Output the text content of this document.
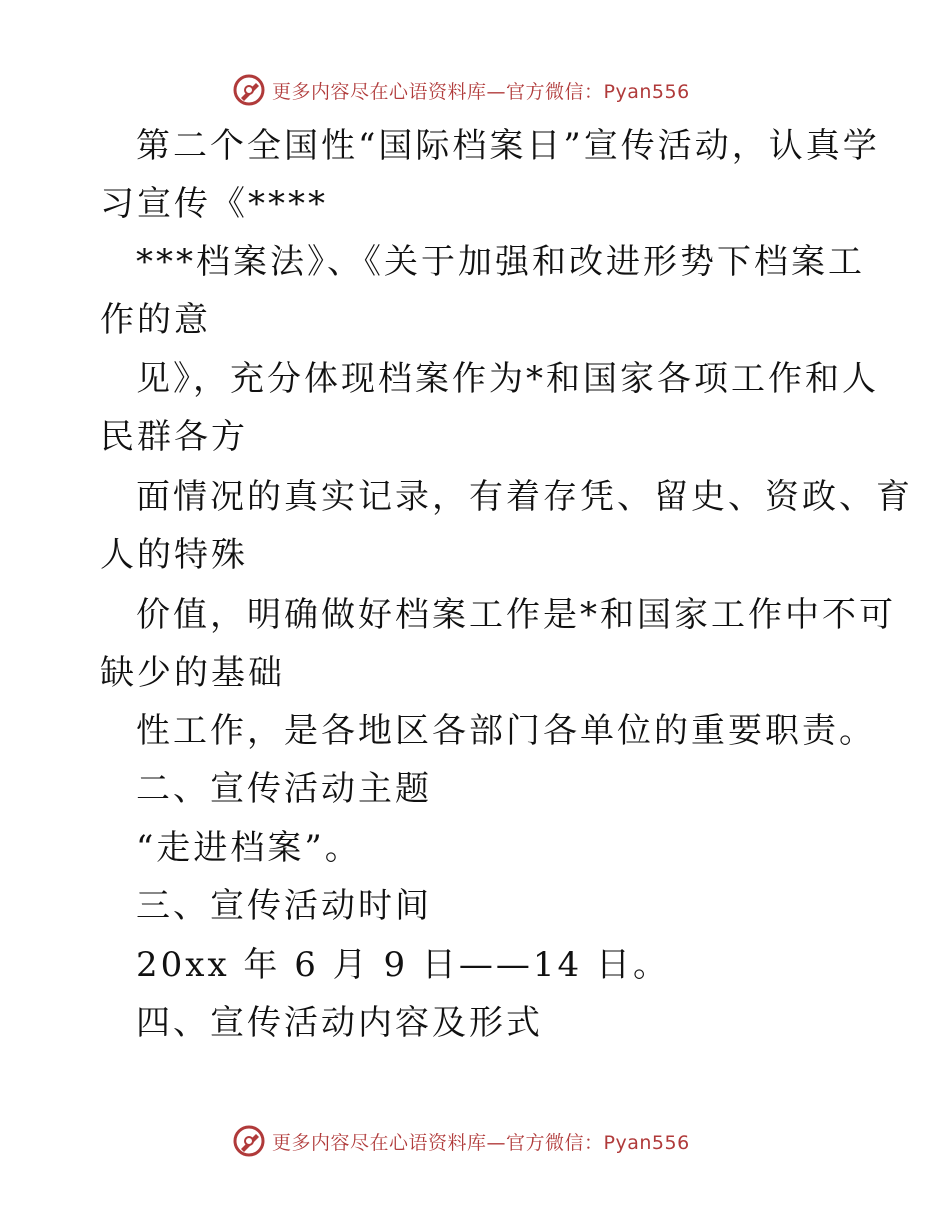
更多内容尽在心语资料库—官方微信：Pyan556
第二个全国性“国际档案日”宣传活动，认真学
习宣传《****
***档案法》、《关于加强和改进形势下档案工
作的意
见》，充分体现档案作为*和国家各项工作和人
民群各方
面情况的真实记录，有着存凭、留史、资政、育
人的特殊
价值，明确做好档案工作是*和国家工作中不可
缺少的基础
性工作，是各地区各部门各单位的重要职责。
二、宣传活动主题
“走进档案”。
三、宣传活动时间
20xx 年 6 月 9 日——14 日。
四、宣传活动内容及形式
更多内容尽在心语资料库—官方微信：Pyan556
